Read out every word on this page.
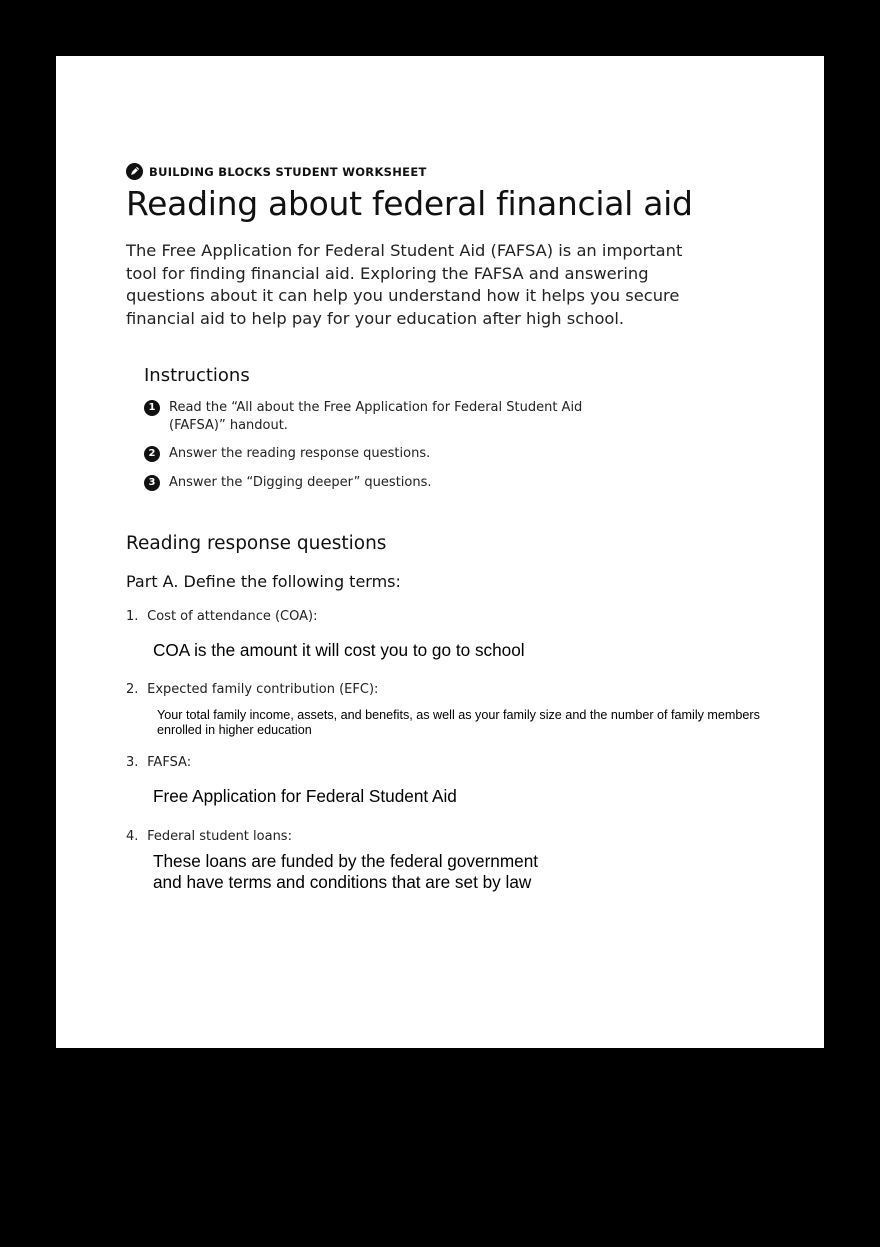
BUILDING BLOCKS STUDENT WORKSHEET
Reading about federal financial aid
The Free Application for Federal Student Aid (FAFSA) is an important tool for finding financial aid. Exploring the FAFSA and answering questions about it can help you understand how it helps you secure financial aid to help pay for your education after high school.
Instructions
1	Read the “All about the Free Application for Federal Student Aid (FAFSA)” handout.
2	Answer the reading response questions.
3	Answer the “Digging deeper” questions.
Reading response questions
Part A. Define the following terms:
1. Cost of attendance (COA):
COA is the amount it will cost you to go to school
2. Expected family contribution (EFC):
Your total family income, assets, and benefits, as well as your family size and the number of family members enrolled in higher education
3. FAFSA:
Free Application for Federal Student Aid
4. Federal student loans:
These loans are funded by the federal government and have terms and conditions that are set by law
